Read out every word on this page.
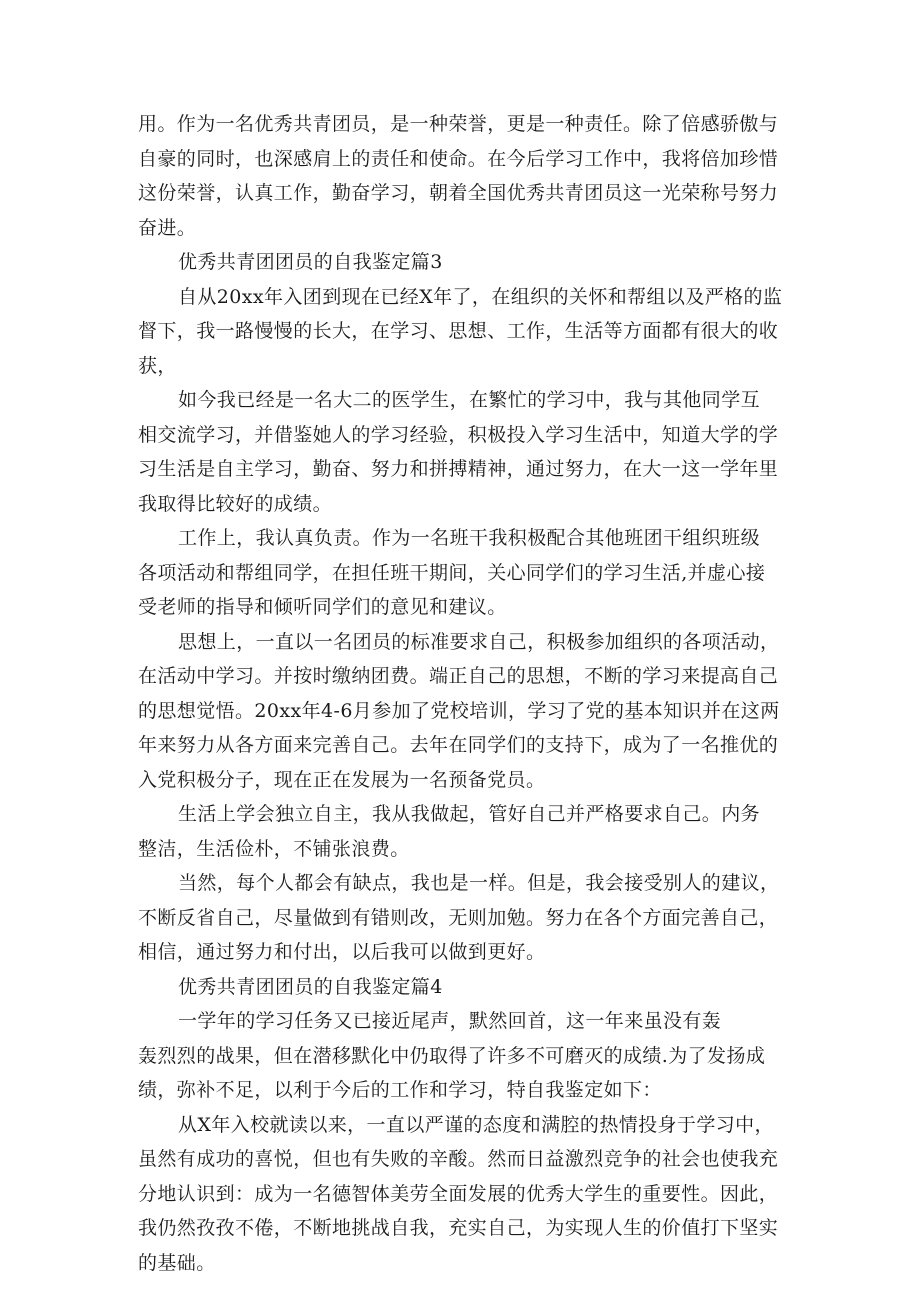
用。作为一名优秀共青团员，是一种荣誉，更是一种责任。除了倍感骄傲与
自豪的同时，也深感肩上的责任和使命。在今后学习工作中，我将倍加珍惜
这份荣誉，认真工作，勤奋学习，朝着全国优秀共青团员这一光荣称号努力
奋进。
优秀共青团团员的自我鉴定篇3
自从20xx年入团到现在已经X年了，在组织的关怀和帮组以及严格的监
督下，我一路慢慢的长大，在学习、思想、工作，生活等方面都有很大的收
获，
如今我已经是一名大二的医学生，在繁忙的学习中，我与其他同学互
相交流学习，并借鉴她人的学习经验，积极投入学习生活中，知道大学的学
习生活是自主学习，勤奋、努力和拼搏精神，通过努力，在大一这一学年里
我取得比较好的成绩。
工作上，我认真负责。作为一名班干我积极配合其他班团干组织班级
各项活动和帮组同学，在担任班干期间，关心同学们的学习生活,并虚心接
受老师的指导和倾听同学们的意见和建议。
思想上，一直以一名团员的标准要求自己，积极参加组织的各项活动，
在活动中学习。并按时缴纳团费。端正自己的思想，不断的学习来提高自己
的思想觉悟。20xx年4-6月参加了党校培训，学习了党的基本知识并在这两
年来努力从各方面来完善自己。去年在同学们的支持下，成为了一名推优的
入党积极分子，现在正在发展为一名预备党员。
生活上学会独立自主，我从我做起，管好自己并严格要求自己。内务
整洁，生活俭朴，不铺张浪费。
当然，每个人都会有缺点，我也是一样。但是，我会接受别人的建议，
不断反省自己，尽量做到有错则改，无则加勉。努力在各个方面完善自己，
相信，通过努力和付出，以后我可以做到更好。
优秀共青团团员的自我鉴定篇4
一学年的学习任务又已接近尾声，默然回首，这一年来虽没有轰
轰烈烈的战果，但在潜移默化中仍取得了许多不可磨灭的成绩.为了发扬成
绩，弥补不足，以利于今后的工作和学习，特自我鉴定如下：
从X年入校就读以来，一直以严谨的态度和满腔的热情投身于学习中，
虽然有成功的喜悦，但也有失败的辛酸。然而日益激烈竞争的社会也使我充
分地认识到：成为一名德智体美劳全面发展的优秀大学生的重要性。因此，
我仍然孜孜不倦，不断地挑战自我，充实自己，为实现人生的价值打下坚实
的基础。
